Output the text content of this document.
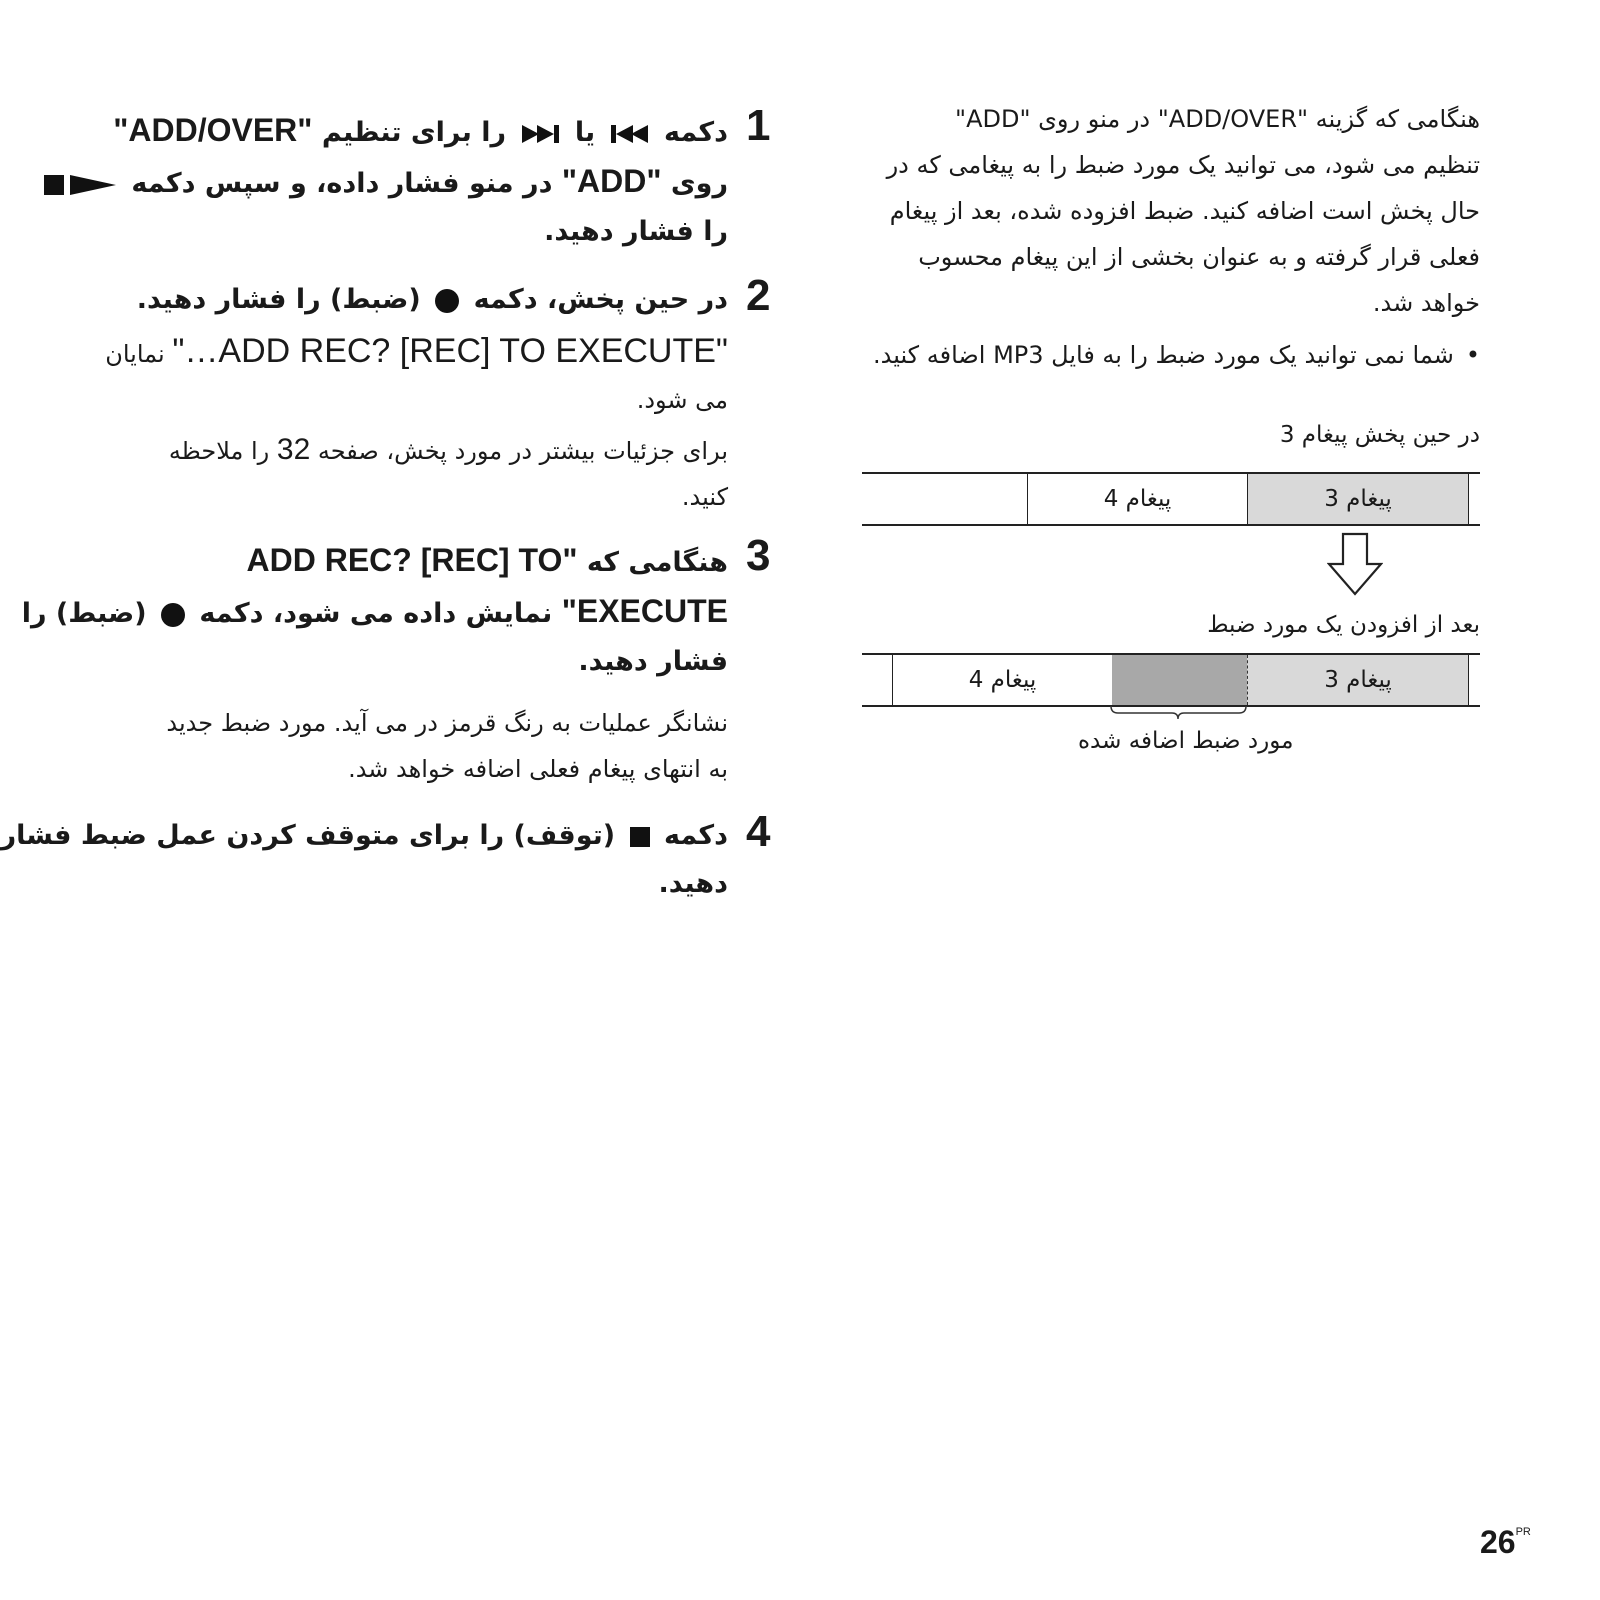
هنگامی که گزینه "ADD/OVER" در منو روی "ADD"
تنظیم می شود، می توانید یک مورد ضبط را به پیغامی که در
حال پخش است اضافه کنید. ضبط افزوده شده، بعد از پیغام
فعلی قرار گرفته و به عنوان بخشی از این پیغام محسوب
خواهد شد.
•شما نمی توانید یک مورد ضبط را به فایل MP3 اضافه کنید.
در حین پخش پیغام 3
پیغام 4	پیغام 3
بعد از افزودن یک مورد ضبط
پیغام 4	پیغام 3
مورد ضبط اضافه شده
1
دکمه  یا  را برای تنظیم "ADD/OVER"
روی "ADD" در منو فشار داده، و سپس دکمه
را فشار دهید.
2
در حین پخش، دکمه  (ضبط) را فشار دهید.
"ADD REC? [REC] TO EXECUTE…" نمایان
می شود.
برای جزئیات بیشتر در مورد پخش، صفحه 32 را ملاحظه
کنید.
3
هنگامی که "ADD REC? [REC] TO
EXECUTE" نمایش داده می شود، دکمه  (ضبط) را
فشار دهید.
نشانگر عملیات به رنگ قرمز در می آید. مورد ضبط جدید
به انتهای پیغام فعلی اضافه خواهد شد.
4
دکمه  (توقف) را برای متوقف کردن عمل ضبط فشار
دهید.
$26^{PR}$
